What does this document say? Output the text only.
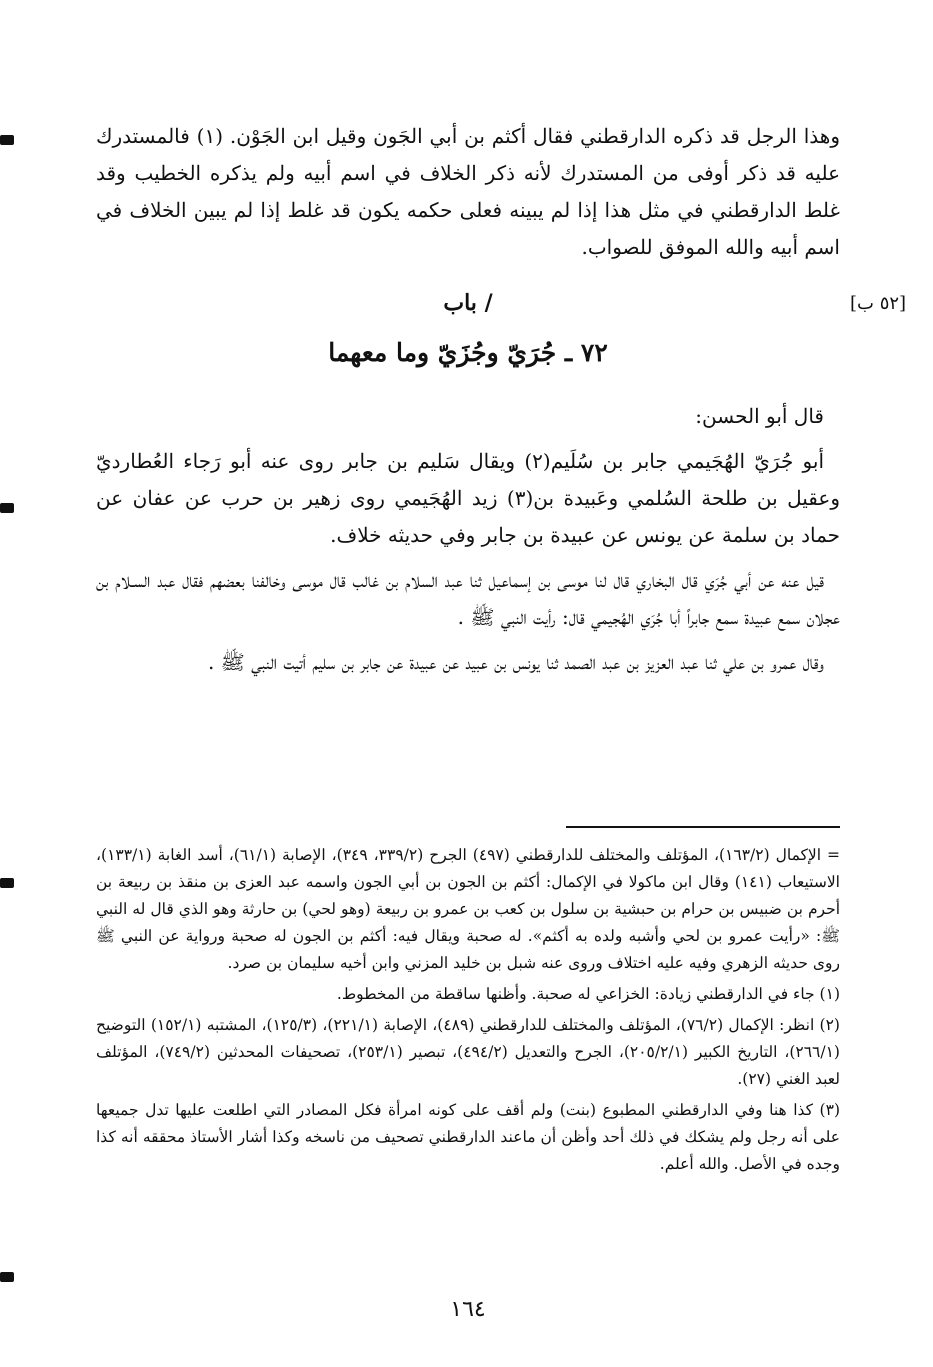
وهذا الرجل قد ذكره الدارقطني فقال أكثم بن أبي الجَون وقيل ابن الجَوْن. (١) فالمستدرك عليه قد ذكر أوفى من المستدرك لأنه ذكر الخلاف في اسم أبيه ولم يذكره الخطيب وقد غلط الدارقطني في مثل هذا إذا لم يبينه فعلى حكمه يكون قد غلط إذا لم يبين الخلاف في اسم أبيه والله الموفق للصواب.

[٥٢ ب]
/ باب
٧٢ ـ جُرَيّ وجُزَيّ وما معهما

قال أبو الحسن:

أبو جُرَيّ الهُجَيمي جابر بن سُلَيم(٢) ويقال سَليم بن جابر روى عنه أبو رَجاء العُطارديّ وعقيل بن طلحة السُلمي وعَبيدة بن(٣) زيد الهُجَيمي روى زهير بن حرب عن عفان عن حماد بن سلمة عن يونس عن عبيدة بن جابر وفي حديثه خلاف.

قيل عنه عن أبي جُرَي قال البخاري قال لنا موسى بن إسماعيل ثنا عبد السلام بن غالب قال موسى وخالفنا بعضهم فقال عبد السـلام بن عجلان سمع عبيدة سمع جابراً أبا جُرَي الهُجيمي قال: رأيت النبي ﷺ .

وقال عمرو بن علي ثنا عبد العزيز بن عبد الصمد ثنا يونس بن عبيد عن عبيدة عن جابر بن سليم أتيت النبي ﷺ .

= الإكمال (١٦٣/٢)، المؤتلف والمختلف للدارقطني (٤٩٧) الجرح (٣٣٩/٢، ٣٤٩)، الإصابة (٦١/١)، أسد الغابة (١٣٣/١)، الاستيعاب (١٤١) وقال ابن ماكولا في الإكمال: أكثم بن الجون بن أبي الجون واسمه عبد العزى بن منقذ بن ربيعة بن أحرم بن ضبيس بن حرام بن حبشية بن سلول بن كعب بن عمرو بن ربيعة (وهو لحي) بن حارثة وهو الذي قال له النبي ﷺ: «رأيت عمرو بن لحي وأشبه ولده به أكثم». له صحبة ويقال فيه: أكثم بن الجون له صحبة ورواية عن النبي ﷺ روى حديثه الزهري وفيه عليه اختلاف وروى عنه شبل بن خليد المزني وابن أخيه سليمان بن صرد.

(١) جاء في الدارقطني زيادة: الخزاعي له صحبة. وأظنها ساقطة من المخطوط.

(٢) انظر: الإكمال (٧٦/٢)، المؤتلف والمختلف للدارقطني (٤٨٩)، الإصابة (٢٢١/١)، (١٢٥/٣)، المشتبه (١٥٢/١) التوضيح (٢٦٦/١)، التاريخ الكبير (٢٠٥/٢/١)، الجرح والتعديل (٤٩٤/٢)، تبصير (٢٥٣/١)، تصحيفات المحدثين (٧٤٩/٢)، المؤتلف لعبد الغني (٢٧).

(٣) كذا هنا وفي الدارقطني المطبوع (بنت) ولم أقف على كونه امرأة فكل المصادر التي اطلعت عليها تدل جميعها على أنه رجل ولم يشكك في ذلك أحد وأظن أن ماعند الدارقطني تصحيف من ناسخه وكذا أشار الأستاذ محققه أنه كذا وجده في الأصل. والله أعلم.

١٦٤
